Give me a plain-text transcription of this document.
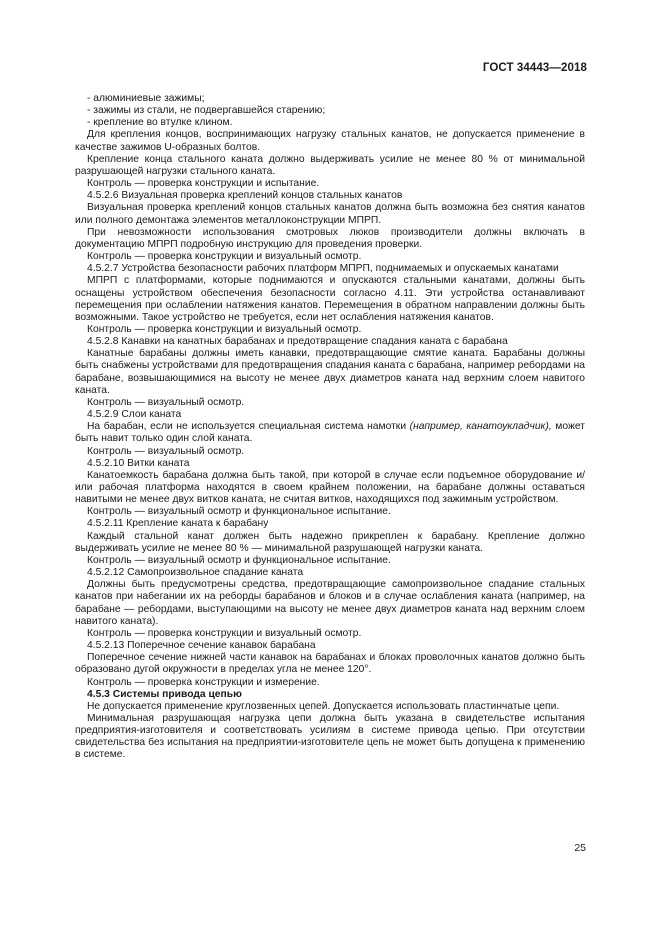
ГОСТ 34443—2018

- алюминиевые зажимы;

- зажимы из стали, не подвергавшейся старению;

- крепление во втулке клином.

Для крепления концов, воспринимающих нагрузку стальных канатов, не допускается применение в качестве зажимов U-образных болтов.

Крепление конца стального каната должно выдерживать усилие не менее 80 % от минимальной разрушающей нагрузки стального каната.

Контроль — проверка конструкции и испытание.

4.5.2.6 Визуальная проверка креплений концов стальных канатов

Визуальная проверка креплений концов стальных канатов должна быть возможна без снятия канатов или полного демонтажа элементов металлоконструкции МПРП.

При невозможности использования смотровых люков производители должны включать в документацию МПРП подробную инструкцию для проведения проверки.

Контроль — проверка конструкции и визуальный осмотр.

4.5.2.7 Устройства безопасности рабочих платформ МПРП, поднимаемых и опускаемых канатами

МПРП с платформами, которые поднимаются и опускаются стальными канатами, должны быть оснащены устройством обеспечения безопасности согласно 4.11. Эти устройства останавливают перемещения при ослаблении натяжения канатов. Перемещения в обратном направлении должны быть возможными. Такое устройство не требуется, если нет ослабления натяжения канатов.

Контроль — проверка конструкции и визуальный осмотр.

4.5.2.8 Канавки на канатных барабанах и предотвращение спадания каната с барабана

Канатные барабаны должны иметь канавки, предотвращающие смятие каната. Барабаны должны быть снабжены устройствами для предотвращения спадания каната с барабана, например ребордами на барабане, возвышающимися на высоту не менее двух диаметров каната над верхним слоем навитого каната.

Контроль — визуальный осмотр.

4.5.2.9 Слои каната

На барабан, если не используется специальная система намотки (например, канатоукладчик), может быть навит только один слой каната.

Контроль — визуальный осмотр.

4.5.2.10 Витки каната

Канатоемкость барабана должна быть такой, при которой в случае если подъемное оборудование и/или рабочая платформа находятся в своем крайнем положении, на барабане должны оставаться навитыми не менее двух витков каната, не считая витков, находящихся под зажимным устройством.

Контроль — визуальный осмотр и функциональное испытание.

4.5.2.11 Крепление каната к барабану

Каждый стальной канат должен быть надежно прикреплен к барабану. Крепление должно выдерживать усилие не менее 80 % — минимальной разрушающей нагрузки каната.

Контроль — визуальный осмотр и функциональное испытание.

4.5.2.12 Самопроизвольное спадание каната

Должны быть предусмотрены средства, предотвращающие самопроизвольное спадание стальных канатов при набегании их на реборды барабанов и блоков и в случае ослабления каната (например, на барабане — ребордами, выступающими на высоту не менее двух диаметров каната над верхним слоем навитого каната).

Контроль — проверка конструкции и визуальный осмотр.

4.5.2.13 Поперечное сечение канавок барабана

Поперечное сечение нижней части канавок на барабанах и блоках проволочных канатов должно быть образовано дугой окружности в пределах угла не менее 120°.

Контроль — проверка конструкции и измерение.

4.5.3 Системы привода цепью

Не допускается применение круглозвенных цепей. Допускается использовать пластинчатые цепи.

Минимальная разрушающая нагрузка цепи должна быть указана в свидетельстве испытания предприятия-изготовителя и соответствовать усилиям в системе привода цепью. При отсутствии свидетельства без испытания на предприятии-изготовителе цепь не может быть допущена к применению в системе.

25
